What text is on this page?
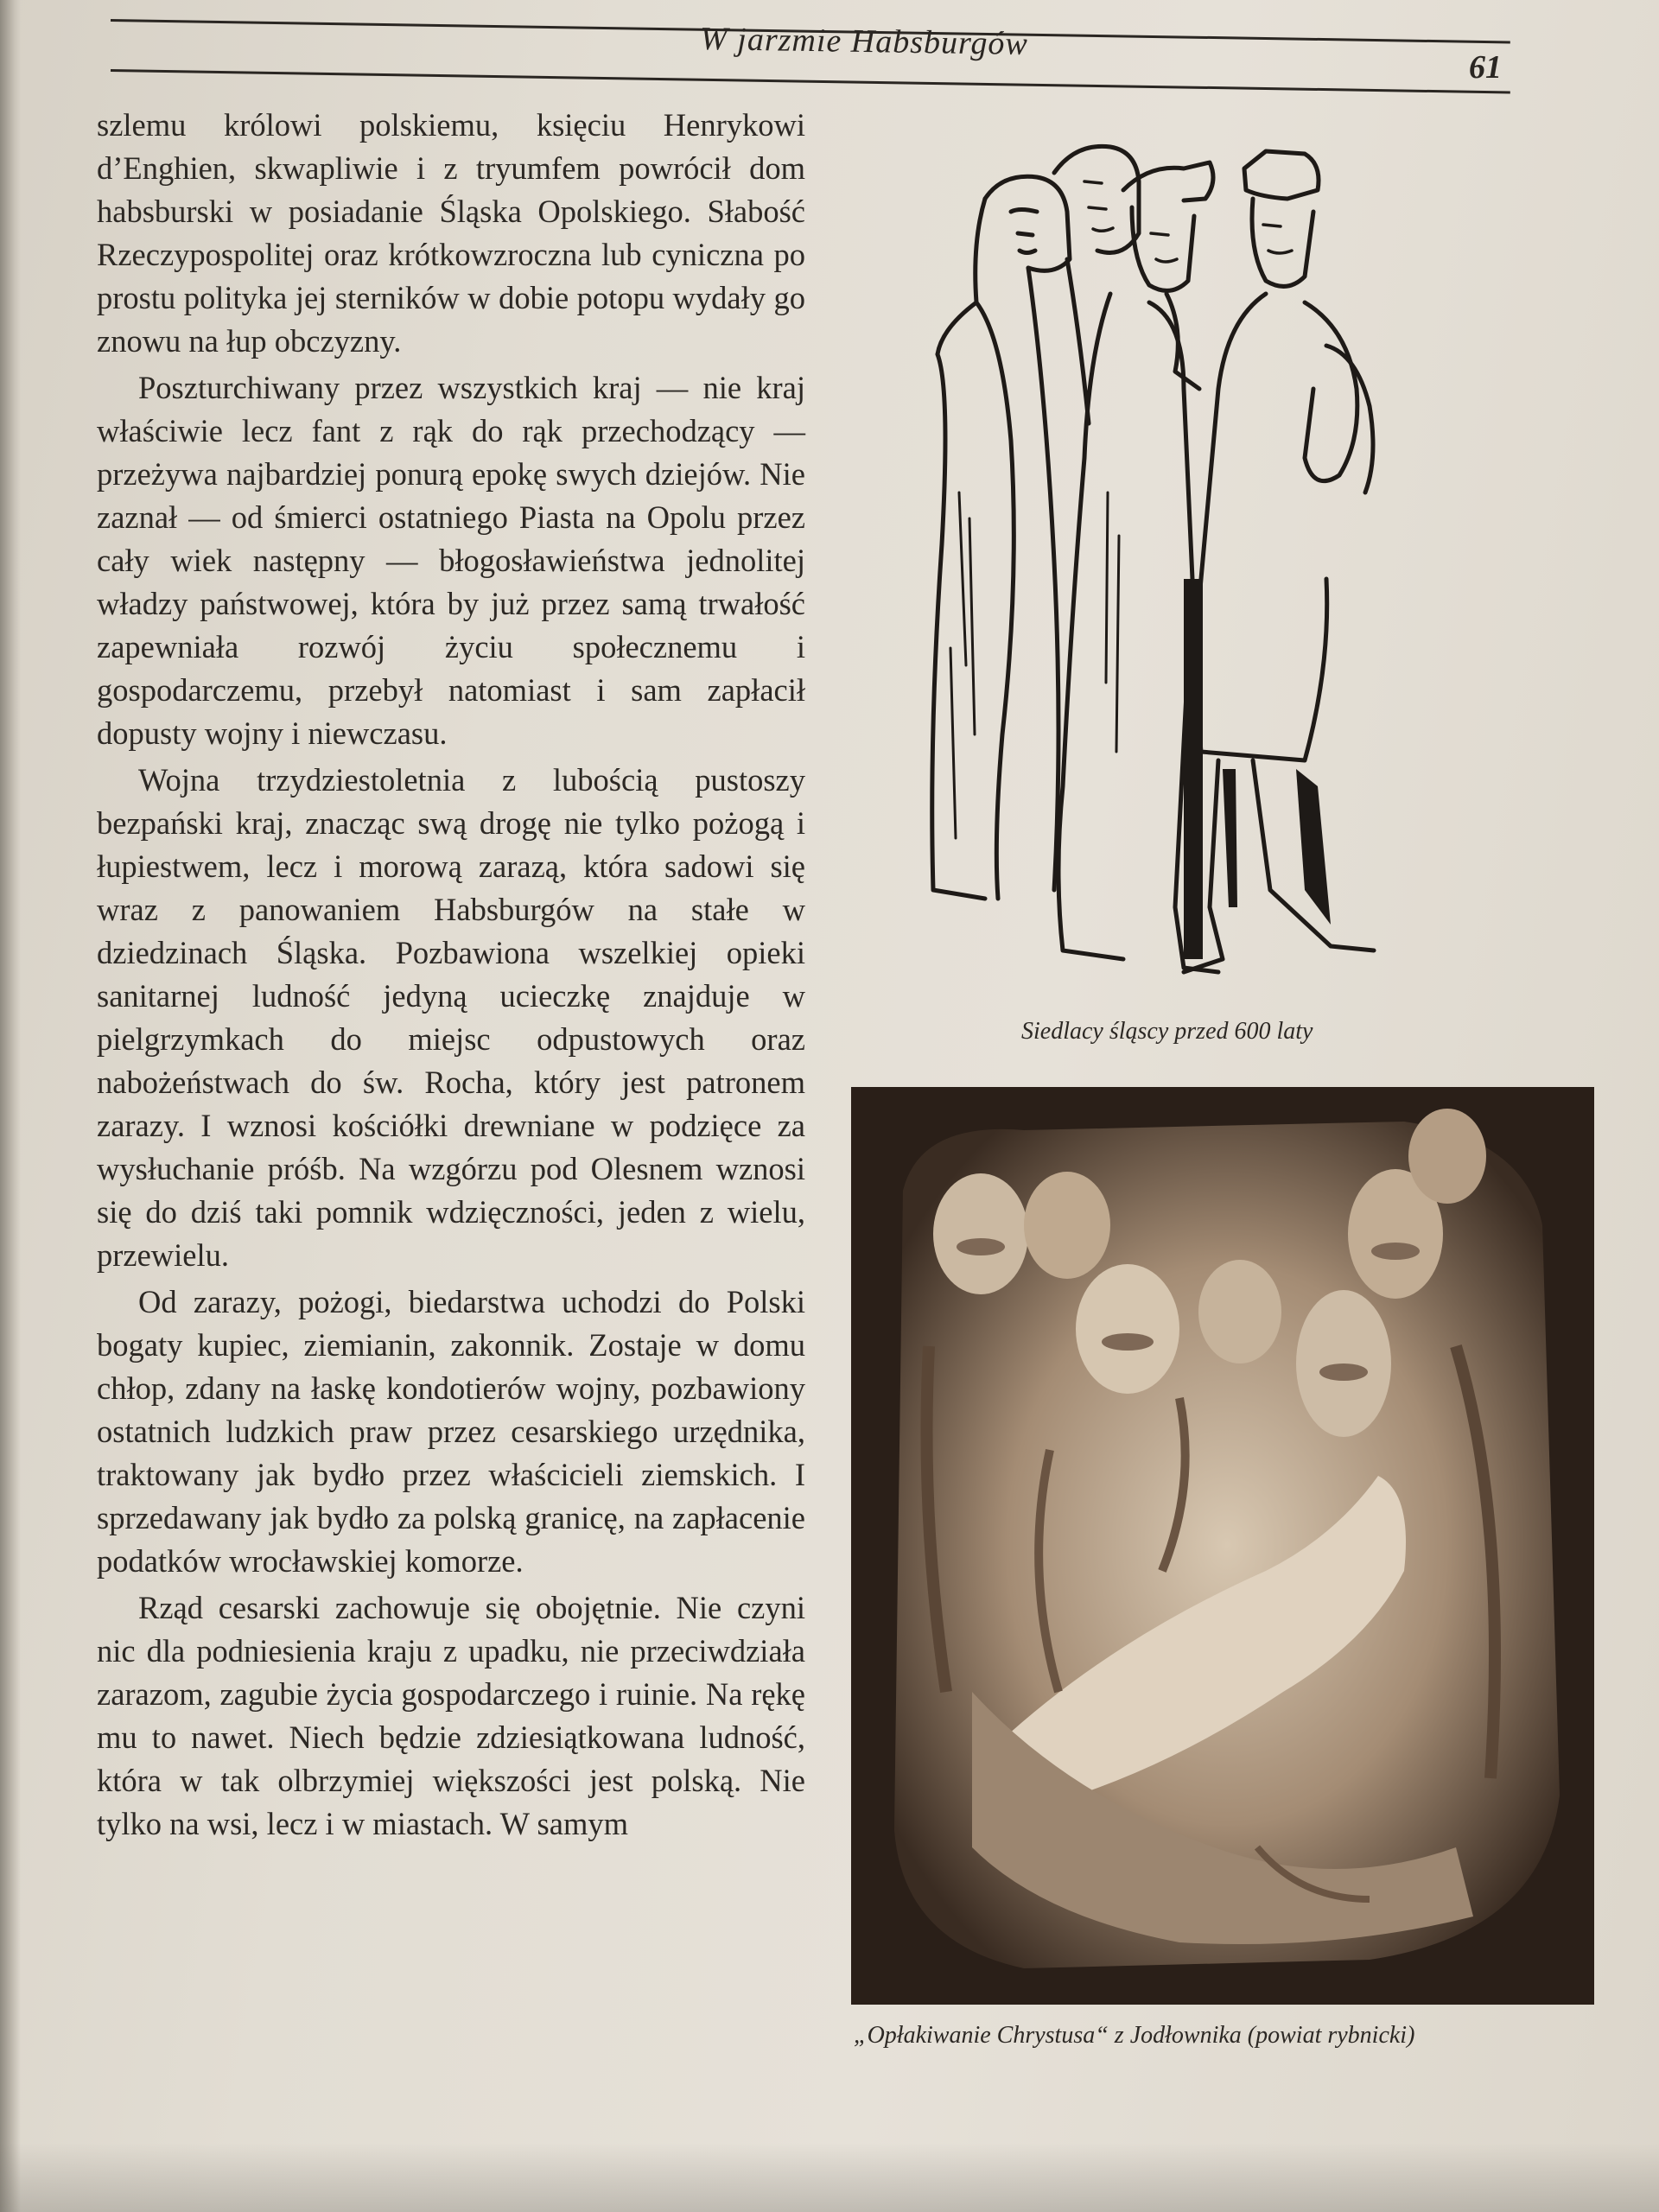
W jarzmie Habsburgów
61

szlemu królowi polskiemu, księciu Henrykowi d’Enghien, skwapliwie i z tryumfem powrócił dom habsburski w posiadanie Śląska Opolskiego. Słabość Rzeczypospolitej oraz krótkowzroczna lub cyniczna po prostu polityka jej sterników w dobie potopu wydały go znowu na łup obczyzny.

Poszturchiwany przez wszystkich kraj — nie kraj właściwie lecz fant z rąk do rąk przechodzący — przeżywa najbardziej ponurą epokę swych dziejów. Nie zaznał — od śmierci ostatniego Piasta na Opolu przez cały wiek następny — błogosławieństwa jednolitej władzy państwowej, która by już przez samą trwałość zapewniała rozwój życiu społecznemu i gospodarczemu, przebył natomiast i sam zapłacił dopusty wojny i niewczasu.

Wojna trzydziestoletnia z lubością pustoszy bezpański kraj, znacząc swą drogę nie tylko pożogą i łupiestwem, lecz i morową zarazą, która sadowi się wraz z panowaniem Habsburgów na stałe w dziedzinach Śląska. Pozbawiona wszelkiej opieki sanitarnej ludność jedyną ucieczkę znajduje w pielgrzymkach do miejsc odpustowych oraz nabożeństwach do św. Rocha, który jest patronem zarazy. I wznosi kościółki drewniane w podzięce za wysłuchanie próśb. Na wzgórzu pod Olesnem wznosi się do dziś taki pomnik wdzięczności, jeden z wielu, przewielu.

Od zarazy, pożogi, biedarstwa uchodzi do Polski bogaty kupiec, ziemianin, zakonnik. Zostaje w domu chłop, zdany na łaskę kondotierów wojny, pozbawiony ostatnich ludzkich praw przez cesarskiego urzędnika, traktowany jak bydło przez właścicieli ziemskich. I sprzedawany jak bydło za polską granicę, na zapłacenie podatków wrocławskiej komorze.

Rząd cesarski zachowuje się obojętnie. Nie czyni nic dla podniesienia kraju z upadku, nie przeciwdziała zarazom, zagubie życia gospodarczego i ruinie. Na rękę mu to nawet. Niech będzie zdziesiątkowana ludność, która w tak olbrzymiej większości jest polską. Nie tylko na wsi, lecz i w miastach. W samym

Siedlacy śląscy przed 600 laty
„Opłakiwanie Chrystusa“ z Jodłownika (powiat rybnicki)
